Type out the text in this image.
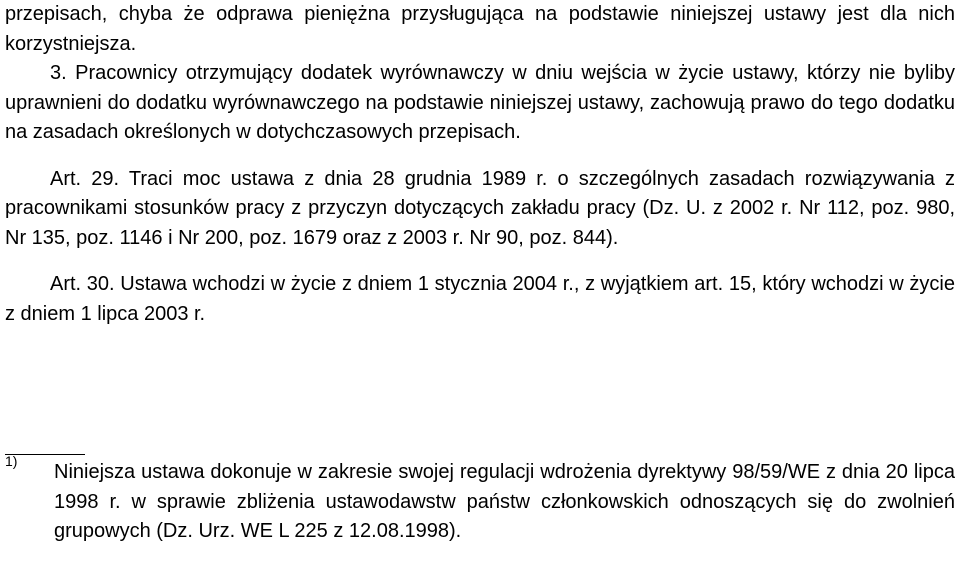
przepisach, chyba że odprawa pieniężna przysługująca na podstawie niniejszej ustawy jest dla nich korzystniejsza.

3. Pracownicy otrzymujący dodatek wyrównawczy w dniu wejścia w życie ustawy, którzy nie byliby uprawnieni do dodatku wyrównawczego na podstawie niniejszej ustawy, zachowują prawo do tego dodatku na zasadach określonych w dotychczasowych przepisach.

Art. 29. Traci moc ustawa z dnia 28 grudnia 1989 r. o szczególnych zasadach rozwiązywania z pracownikami stosunków pracy z przyczyn dotyczących zakładu pracy (Dz. U. z 2002 r. Nr 112, poz. 980, Nr 135, poz. 1146 i Nr 200, poz. 1679 oraz z 2003 r. Nr 90, poz. 844).

Art. 30. Ustawa wchodzi w życie z dniem 1 stycznia 2004 r., z wyjątkiem art. 15, który wchodzi w życie z dniem 1 lipca 2003 r.

1) Niniejsza ustawa dokonuje w zakresie swojej regulacji wdrożenia dyrektywy 98/59/WE z dnia 20 lipca 1998 r. w sprawie zbliżenia ustawodawstw państw członkowskich odnoszących się do zwolnień grupowych (Dz. Urz. WE L 225 z 12.08.1998).
